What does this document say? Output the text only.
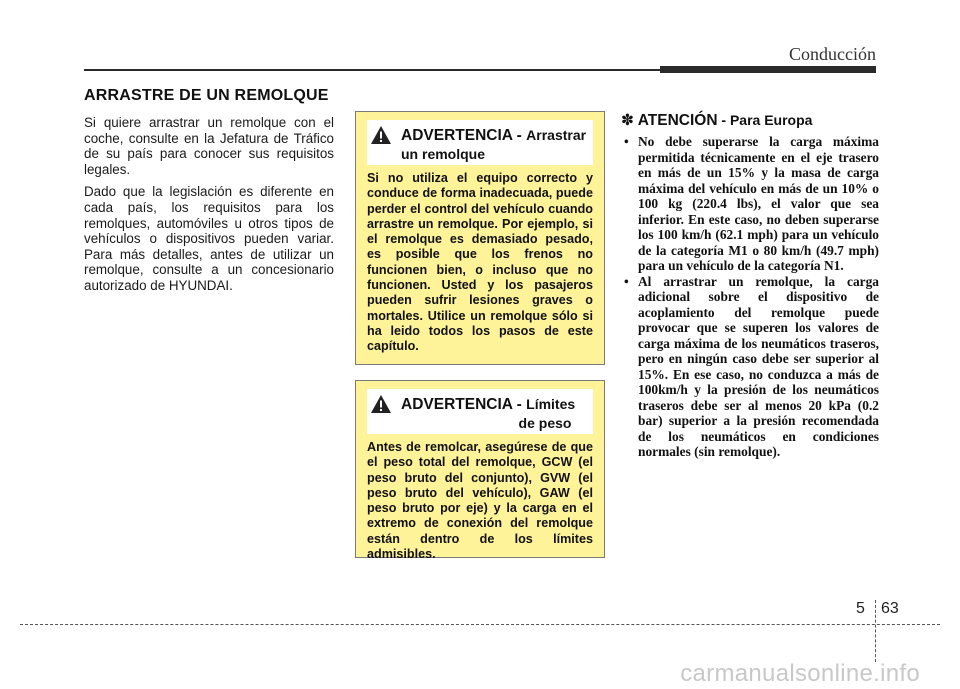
Conducción
ARRASTRE DE UN REMOLQUE

Si quiere arrastrar un remolque con el coche, consulte en la Jefatura de Tráfico de su país para conocer sus requisitos legales.

Dado que la legislación es diferente en cada país, los requisitos para los remolques, automóviles u otros tipos de vehículos o dispositivos pueden variar. Para más detalles, antes de utilizar un remolque, consulte a un concesionario autorizado de HYUNDAI.

ADVERTENCIA - Arrastrar
un remolque
Si no utiliza el equipo correcto y conduce de forma inadecuada, puede perder el control del vehículo cuando arrastre un remolque. Por ejemplo, si el remolque es demasiado pesado, es posible que los frenos no funcionen bien, o incluso que no funcionen. Usted y los pasajeros pueden sufrir lesiones graves o mortales. Utilice un remolque sólo si ha leido todos los pasos de este capítulo.
ADVERTENCIA - Límites
de peso
Antes de remolcar, asegúrese de que el peso total del remolque, GCW (el peso bruto del conjunto), GVW (el peso bruto del vehículo), GAW (el peso bruto por eje) y la carga en el extremo de conexión del remolque están dentro de los límites admisibles.
✽ ATENCIÓN - Para Europa
• No debe superarse la carga máxima permitida técnicamente en el eje trasero en más de un 15% y la masa de carga máxima del vehículo en más de un 10% o 100 kg (220.4 lbs), el valor que sea inferior. En este caso, no deben superarse los 100 km/h (62.1 mph) para un vehículo de la categoría M1 o 80 km/h (49.7 mph) para un vehículo de la categoría N1.
• Al arrastrar un remolque, la carga adicional sobre el dispositivo de acoplamiento del remolque puede provocar que se superen los valores de carga máxima de los neumáticos traseros, pero en ningún caso debe ser superior al 15%. En ese caso, no conduzca a más de 100km/h y la presión de los neumáticos traseros debe ser al menos 20 kPa (0.2 bar) superior a la presión recomendada de los neumáticos en condiciones normales (sin remolque).
5 63
carmanualsonline.info
